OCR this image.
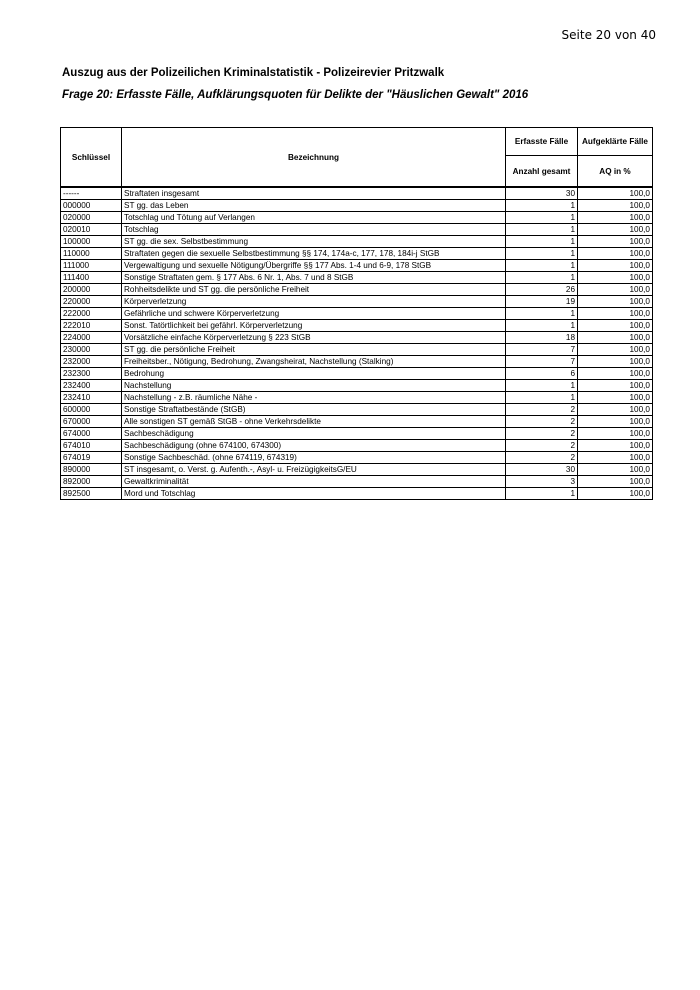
Seite 20 von 40
Auszug aus der Polizeilichen Kriminalstatistik - Polizeirevier Pritzwalk
Frage 20: Erfasste Fälle, Aufklärungsquoten für Delikte der "Häuslichen Gewalt" 2016
Schlüssel	Bezeichnung	Erfasste Fälle	Aufgeklärte Fälle
		Anzahl gesamt	AQ in %
------	Straftaten insgesamt	30	100,0
000000	ST gg. das Leben	1	100,0
020000	Totschlag und Tötung auf Verlangen	1	100,0
020010	Totschlag	1	100,0
100000	ST gg. die sex. Selbstbestimmung	1	100,0
110000	Straftaten gegen die sexuelle Selbstbestimmung §§ 174, 174a-c, 177, 178, 184i-j StGB	1	100,0
111000	Vergewaltigung und sexuelle Nötigung/Übergriffe §§ 177 Abs. 1-4 und 6-9, 178 StGB	1	100,0
111400	Sonstige Straftaten gem. § 177 Abs. 6 Nr. 1, Abs. 7 und 8 StGB	1	100,0
200000	Rohheitsdelikte und ST gg. die persönliche Freiheit	26	100,0
220000	Körperverletzung	19	100,0
222000	Gefährliche und schwere Körperverletzung	1	100,0
222010	Sonst. Tatörtlichkeit bei gefährl. Körperverletzung	1	100,0
224000	Vorsätzliche einfache Körperverletzung § 223 StGB	18	100,0
230000	ST gg. die persönliche Freiheit	7	100,0
232000	Freiheitsber., Nötigung, Bedrohung, Zwangsheirat, Nachstellung (Stalking)	7	100,0
232300	Bedrohung	6	100,0
232400	Nachstellung	1	100,0
232410	Nachstellung - z.B. räumliche Nähe -	1	100,0
600000	Sonstige Straftatbestände (StGB)	2	100,0
670000	Alle sonstigen ST gemäß StGB - ohne Verkehrsdelikte	2	100,0
674000	Sachbeschädigung	2	100,0
674010	Sachbeschädigung (ohne 674100, 674300)	2	100,0
674019	Sonstige Sachbeschäd. (ohne 674119, 674319)	2	100,0
890000	ST insgesamt, o. Verst. g. Aufenth.-, Asyl- u. FreizügigkeitsG/EU	30	100,0
892000	Gewaltkriminalität	3	100,0
892500	Mord und Totschlag	1	100,0
